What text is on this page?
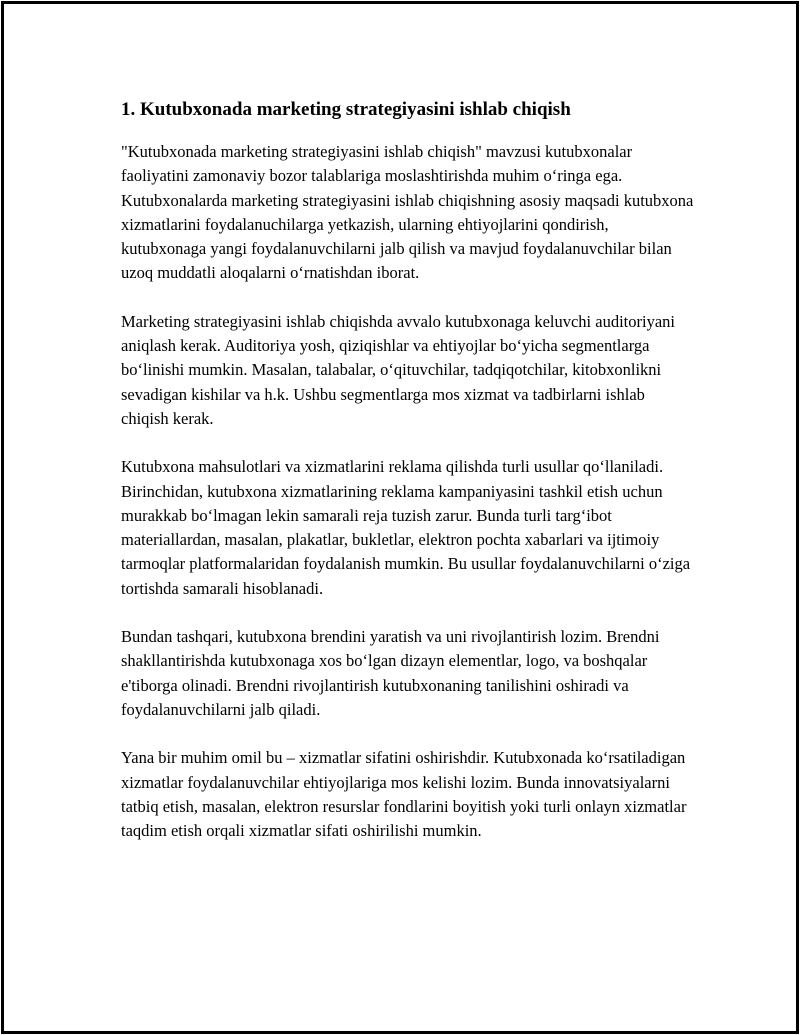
1. Kutubxonada marketing strategiyasini ishlab chiqish

"Kutubxonada marketing strategiyasini ishlab chiqish" mavzusi kutubxonalar faoliyatini zamonaviy bozor talablariga moslashtirishda muhim o‘ringa ega. Kutubxonalarda marketing strategiyasini ishlab chiqishning asosiy maqsadi kutubxona xizmatlarini foydalanuchilarga yetkazish, ularning ehtiyojlarini qondirish, kutubxonaga yangi foydalanuvchilarni jalb qilish va mavjud foydalanuvchilar bilan uzoq muddatli aloqalarni o‘rnatishdan iborat.

Marketing strategiyasini ishlab chiqishda avvalo kutubxonaga keluvchi auditoriyani aniqlash kerak. Auditoriya yosh, qiziqishlar va ehtiyojlar bo‘yicha segmentlarga bo‘linishi mumkin. Masalan, talabalar, o‘qituvchilar, tadqiqotchilar, kitobxonlikni sevadigan kishilar va h.k. Ushbu segmentlarga mos xizmat va tadbirlarni ishlab chiqish kerak.

Kutubxona mahsulotlari va xizmatlarini reklama qilishda turli usullar qo‘llaniladi. Birinchidan, kutubxona xizmatlarining reklama kampaniyasini tashkil etish uchun murakkab bo‘lmagan lekin samarali reja tuzish zarur. Bunda turli targ‘ibot materiallardan, masalan, plakatlar, bukletlar, elektron pochta xabarlari va ijtimoiy tarmoqlar platformalaridan foydalanish mumkin. Bu usullar foydalanuvchilarni o‘ziga tortishda samarali hisoblanadi.

Bundan tashqari, kutubxona brendini yaratish va uni rivojlantirish lozim. Brendni shakllantirishda kutubxonaga xos bo‘lgan dizayn elementlar, logo, va boshqalar e'tiborga olinadi. Brendni rivojlantirish kutubxonaning tanilishini oshiradi va foydalanuvchilarni jalb qiladi.

Yana bir muhim omil bu – xizmatlar sifatini oshirishdir. Kutubxonada ko‘rsatiladigan xizmatlar foydalanuvchilar ehtiyojlariga mos kelishi lozim. Bunda innovatsiyalarni tatbiq etish, masalan, elektron resurslar fondlarini boyitish yoki turli onlayn xizmatlar taqdim etish orqali xizmatlar sifati oshirilishi mumkin.
